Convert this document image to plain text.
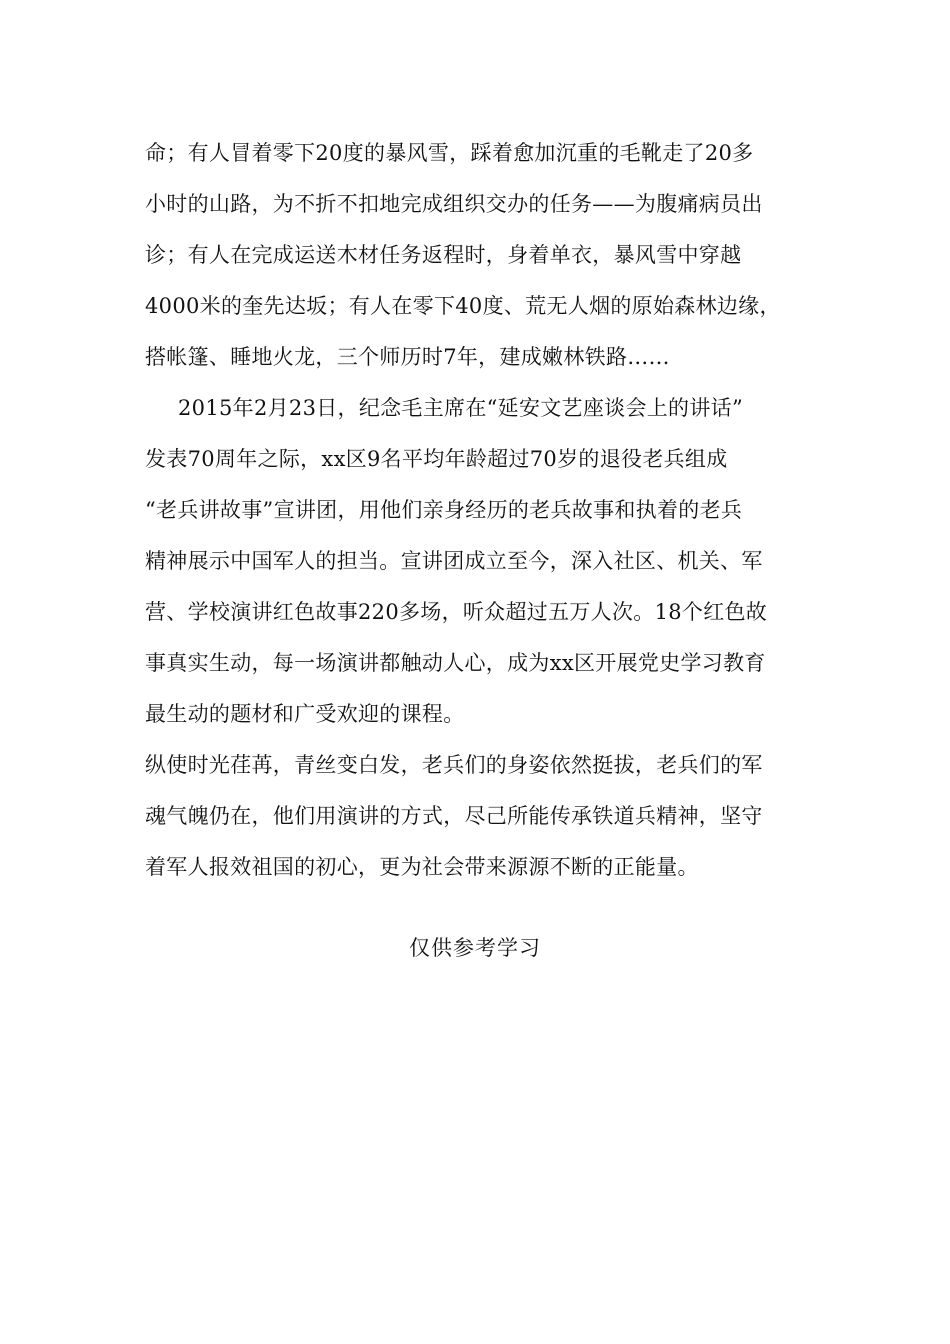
命；有人冒着零下20度的暴风雪，踩着愈加沉重的毛靴走了20多
小时的山路，为不折不扣地完成组织交办的任务——为腹痛病员出
诊；有人在完成运送木材任务返程时，身着单衣，暴风雪中穿越
4000米的奎先达坂；有人在零下40度、荒无人烟的原始森林边缘，
搭帐篷、睡地火龙，三个师历时7年，建成嫩林铁路……
2015年2月23日，纪念毛主席在“延安文艺座谈会上的讲话”
发表70周年之际，xx区9名平均年龄超过70岁的退役老兵组成
“老兵讲故事”宣讲团，用他们亲身经历的老兵故事和执着的老兵
精神展示中国军人的担当。宣讲团成立至今，深入社区、机关、军
营、学校演讲红色故事220多场，听众超过五万人次。18个红色故
事真实生动，每一场演讲都触动人心，成为xx区开展党史学习教育
最生动的题材和广受欢迎的课程。
纵使时光荏苒，青丝变白发，老兵们的身姿依然挺拔，老兵们的军
魂气魄仍在，他们用演讲的方式，尽己所能传承铁道兵精神，坚守
着军人报效祖国的初心，更为社会带来源源不断的正能量。
仅供参考学习
